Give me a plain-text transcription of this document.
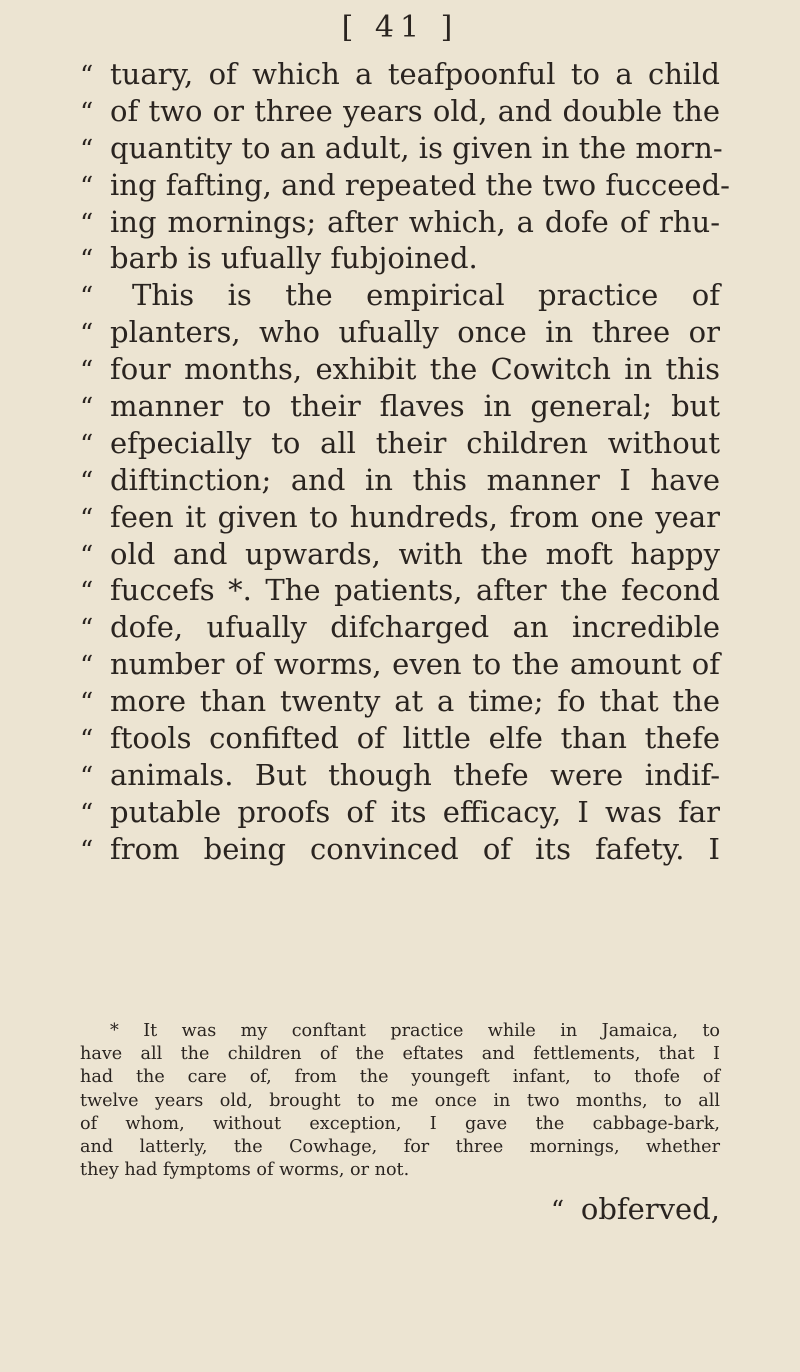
[ 41 ]
“ tuary, of which a teafpoonful to a child
“ of two or three years old, and double the
“ quantity to an adult, is given in the morn-
“ ing fafting, and repeated the two fucceed-
“ ing mornings; after which, a dofe of rhu-
“ barb is ufually fubjoined.
“	This is the empirical practice of
“ planters, who ufually once in three or
“ four months, exhibit the Cowitch in this
“ manner to their flaves in general; but
“ efpecially to all their children without
“ diftinction; and in this manner I have
“ feen it given to hundreds, from one year
“ old and upwards, with the moft happy
“ fuccefs *. The patients, after the fecond
“ dofe, ufually difcharged an incredible
“ number of worms, even to the amount of
“ more than twenty at a time; fo that the
“ ftools confifted of little elfe than thefe
“ animals. But though thefe were indif-
“ putable proofs of its efficacy, I was far
“ from being convinced of its fafety. I
* It was my conftant practice while in Jamaica, to
have all the children of the eftates and fettlements, that I
had the care of, from the youngeft infant, to thofe of
twelve years old, brought to me once in two months, to all
of whom, without exception, I gave the cabbage-bark,
and latterly, the Cowhage, for three mornings, whether
they had fymptoms of worms, or not.
“ obferved,
